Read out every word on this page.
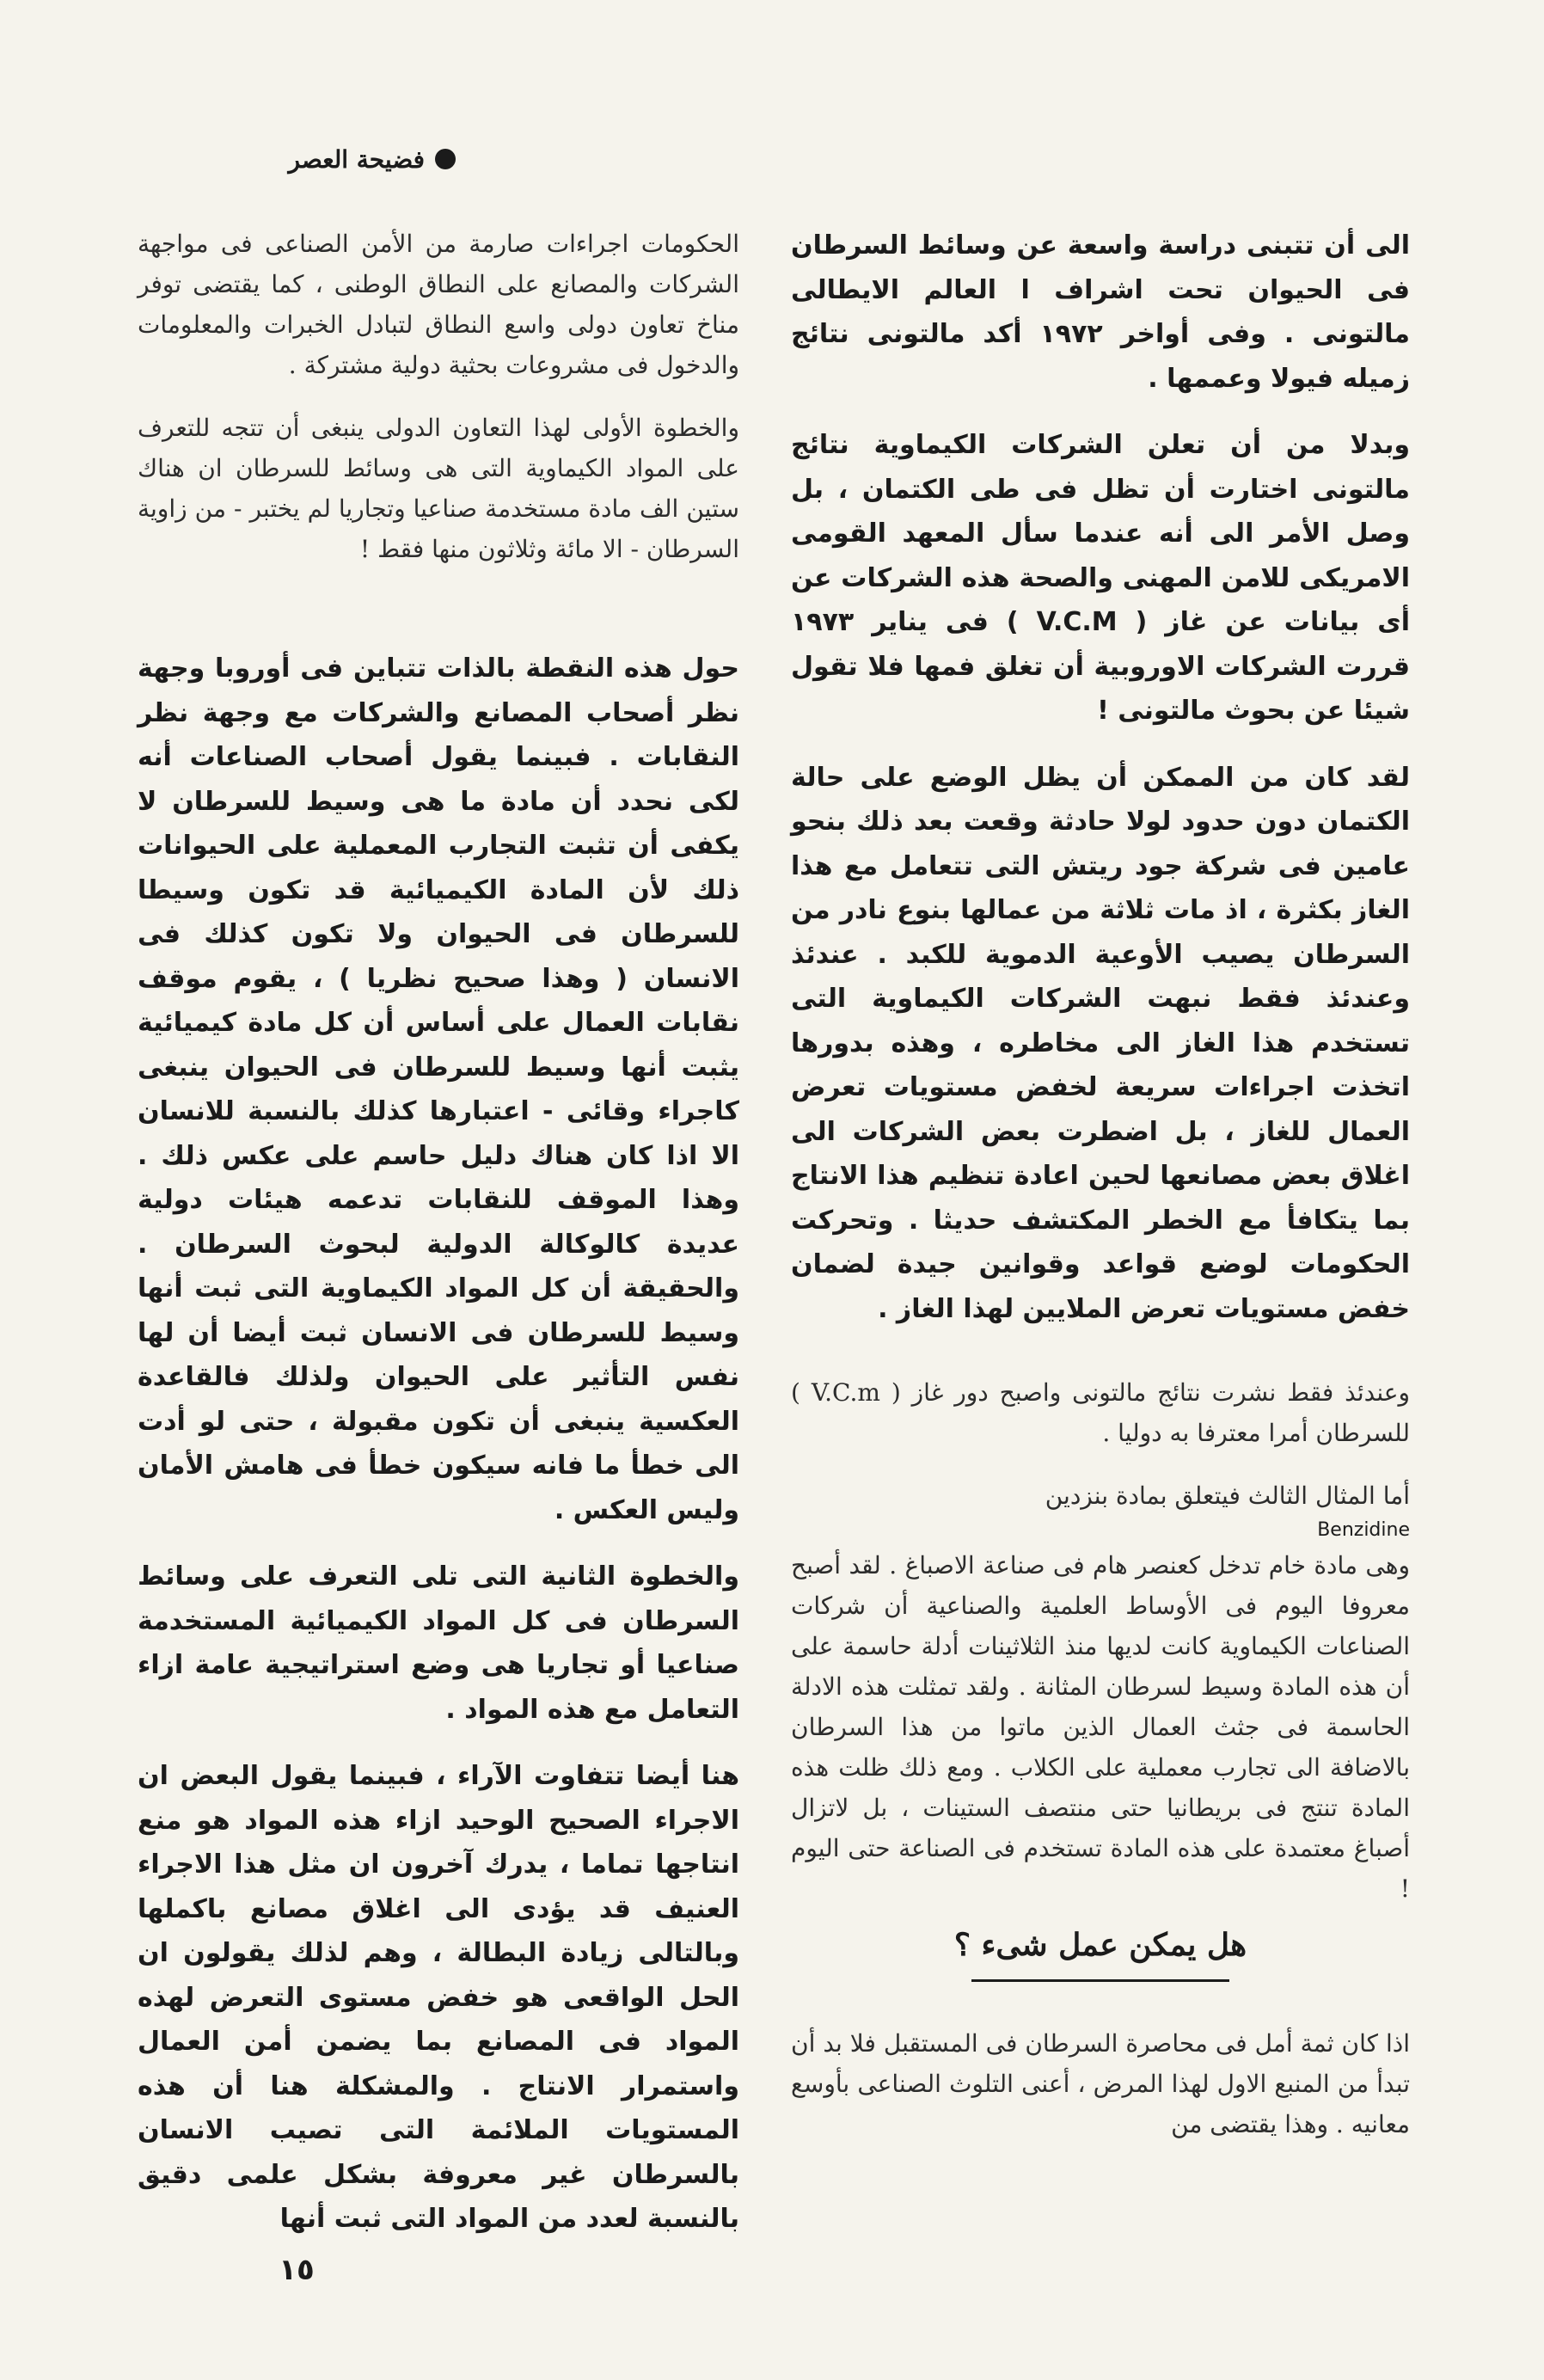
فضيحة العصر

الى أن تتبنى دراسة واسعة عن وسائط السرطان فى الحيوان تحت اشراف ا العالم الايطالى مالتونى . وفى أواخر ١٩٧٢ أكد مالتونى نتائج زميله فيولا وعممها .

وبدلا من أن تعلن الشركات الكيماوية نتائج مالتونى اختارت أن تظل فى طى الكتمان ، بل وصل الأمر الى أنه عندما سأل المعهد القومى الامريكى للامن المهنى والصحة هذه الشركات عن أى بيانات عن غاز ( V.C.M ) فى يناير ١٩٧٣ قررت الشركات الاوروبية أن تغلق فمها فلا تقول شيئا عن بحوث مالتونى !

لقد كان من الممكن أن يظل الوضع على حالة الكتمان دون حدود لولا حادثة وقعت بعد ذلك بنحو عامين فى شركة جود ريتش التى تتعامل مع هذا الغاز بكثرة ، اذ مات ثلاثة من عمالها بنوع نادر من السرطان يصيب الأوعية الدموية للكبد . عندئذ وعندئذ فقط نبهت الشركات الكيماوية التى تستخدم هذا الغاز الى مخاطره ، وهذه بدورها اتخذت اجراءات سريعة لخفض مستويات تعرض العمال للغاز ، بل اضطرت بعض الشركات الى اغلاق بعض مصانعها لحين اعادة تنظيم هذا الانتاج بما يتكافأ مع الخطر المكتشف حديثا . وتحركت الحكومات لوضع قواعد وقوانين جيدة لضمان خفض مستويات تعرض الملايين لهذا الغاز .

وعندئذ فقط نشرت نتائج مالتونى واصبح دور غاز ( V.C.m ) للسرطان أمرا معترفا به دوليا .

أما المثال الثالث فيتعلق بمادة بنزدين

Benzidine

وهى مادة خام تدخل كعنصر هام فى صناعة الاصباغ . لقد أصبح معروفا اليوم فى الأوساط العلمية والصناعية أن شركات الصناعات الكيماوية كانت لديها منذ الثلاثينات أدلة حاسمة على أن هذه المادة وسيط لسرطان المثانة . ولقد تمثلت هذه الادلة الحاسمة فى جثث العمال الذين ماتوا من هذا السرطان بالاضافة الى تجارب معملية على الكلاب . ومع ذلك ظلت هذه المادة تنتج فى بريطانيا حتى منتصف الستينات ، بل لاتزال أصباغ معتمدة على هذه المادة تستخدم فى الصناعة حتى اليوم !

هل يمكن عمل شىء ؟

اذا كان ثمة أمل فى محاصرة السرطان فى المستقبل فلا بد أن تبدأ من المنبع الاول لهذا المرض ، أعنى التلوث الصناعى بأوسع معانيه . وهذا يقتضى من

الحكومات اجراءات صارمة من الأمن الصناعى فى مواجهة الشركات والمصانع على النطاق الوطنى ، كما يقتضى توفر مناخ تعاون دولى واسع النطاق لتبادل الخبرات والمعلومات والدخول فى مشروعات بحثية دولية مشتركة .

والخطوة الأولى لهذا التعاون الدولى ينبغى أن تتجه للتعرف على المواد الكيماوية التى هى وسائط للسرطان ان هناك ستين الف مادة مستخدمة صناعيا وتجاريا لم يختبر - من زاوية السرطان - الا مائة وثلاثون منها فقط !

حول هذه النقطة بالذات تتباين فى أوروبا وجهة نظر أصحاب المصانع والشركات مع وجهة نظر النقابات . فبينما يقول أصحاب الصناعات أنه لكى نحدد أن مادة ما هى وسيط للسرطان لا يكفى أن تثبت التجارب المعملية على الحيوانات ذلك لأن المادة الكيميائية قد تكون وسيطا للسرطان فى الحيوان ولا تكون كذلك فى الانسان ( وهذا صحيح نظريا ) ، يقوم موقف نقابات العمال على أساس أن كل مادة كيميائية يثبت أنها وسيط للسرطان فى الحيوان ينبغى كاجراء وقائى - اعتبارها كذلك بالنسبة للانسان الا اذا كان هناك دليل حاسم على عكس ذلك . وهذا الموقف للنقابات تدعمه هيئات دولية عديدة كالوكالة الدولية لبحوث السرطان . والحقيقة أن كل المواد الكيماوية التى ثبت أنها وسيط للسرطان فى الانسان ثبت أيضا أن لها نفس التأثير على الحيوان ولذلك فالقاعدة العكسية ينبغى أن تكون مقبولة ، حتى لو أدت الى خطأ ما فانه سيكون خطأ فى هامش الأمان وليس العكس .

والخطوة الثانية التى تلى التعرف على وسائط السرطان فى كل المواد الكيميائية المستخدمة صناعيا أو تجاريا هى وضع استراتيجية عامة ازاء التعامل مع هذه المواد .

هنا أيضا تتفاوت الآراء ، فبينما يقول البعض ان الاجراء الصحيح الوحيد ازاء هذه المواد هو منع انتاجها تماما ، يدرك آخرون ان مثل هذا الاجراء العنيف قد يؤدى الى اغلاق مصانع باكملها وبالتالى زيادة البطالة ، وهم لذلك يقولون ان الحل الواقعى هو خفض مستوى التعرض لهذه المواد فى المصانع بما يضمن أمن العمال واستمرار الانتاج . والمشكلة هنا أن هذه المستويات الملائمة التى تصيب الانسان بالسرطان غير معروفة بشكل علمى دقيق بالنسبة لعدد من المواد التى ثبت أنها

١٥
